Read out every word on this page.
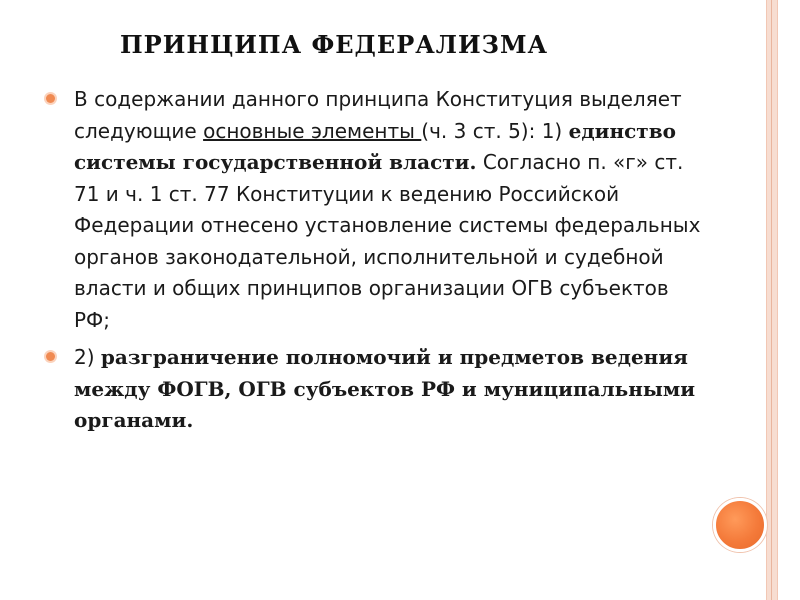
ПРИНЦИПА ФЕДЕРАЛИЗМА
В содержании данного принципа Конституция выделяет следующие основные элементы (ч. 3 ст. 5): 1) единство системы государственной власти. Согласно п. «г» ст. 71 и ч. 1 ст. 77 Конституции к ведению Российской Федерации отнесено установление системы федеральных органов законодательной, исполнительной и судебной власти и общих принципов организации ОГВ субъектов РФ;
2) разграничение полномочий и предметов ведения между ФОГВ, ОГВ субъектов РФ и муниципальными органами.
